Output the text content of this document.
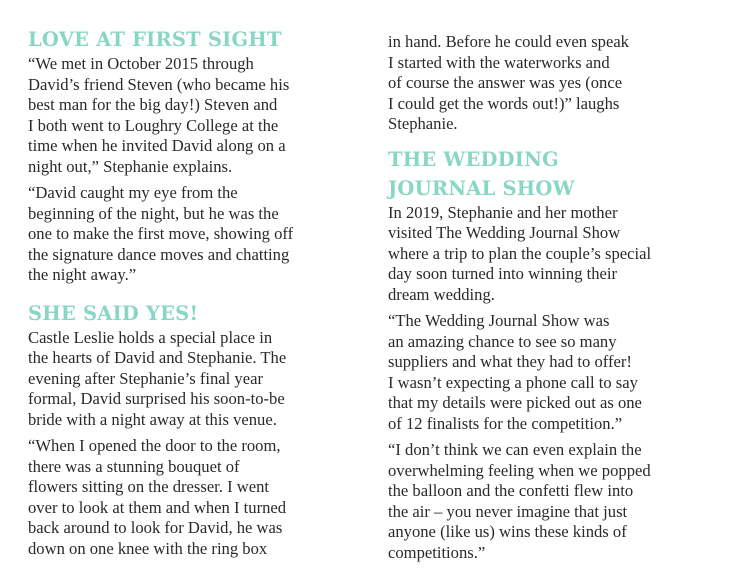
LOVE AT FIRST SIGHT

“We met in October 2015 through
David’s friend Steven (who became his
best man for the big day!) Steven and
I both went to Loughry College at the
time when he invited David along on a
night out,” Stephanie explains.

“David caught my eye from the
beginning of the night, but he was the
one to make the first move, showing off
the signature dance moves and chatting
the night away.”

SHE SAID YES!

Castle Leslie holds a special place in
the hearts of David and Stephanie. The
evening after Stephanie’s final year
formal, David surprised his soon-to-be
bride with a night away at this venue.

“When I opened the door to the room,
there was a stunning bouquet of
flowers sitting on the dresser. I went
over to look at them and when I turned
back around to look for David, he was
down on one knee with the ring box

in hand. Before he could even speak
I started with the waterworks and
of course the answer was yes (once
I could get the words out!)” laughs
Stephanie.

THE WEDDING
JOURNAL SHOW

In 2019, Stephanie and her mother
visited The Wedding Journal Show
where a trip to plan the couple’s special
day soon turned into winning their
dream wedding.

“The Wedding Journal Show was
an amazing chance to see so many
suppliers and what they had to offer!
I wasn’t expecting a phone call to say
that my details were picked out as one
of 12 finalists for the competition.”

“I don’t think we can even explain the
overwhelming feeling when we popped
the balloon and the confetti flew into
the air – you never imagine that just
anyone (like us) wins these kinds of
competitions.”
